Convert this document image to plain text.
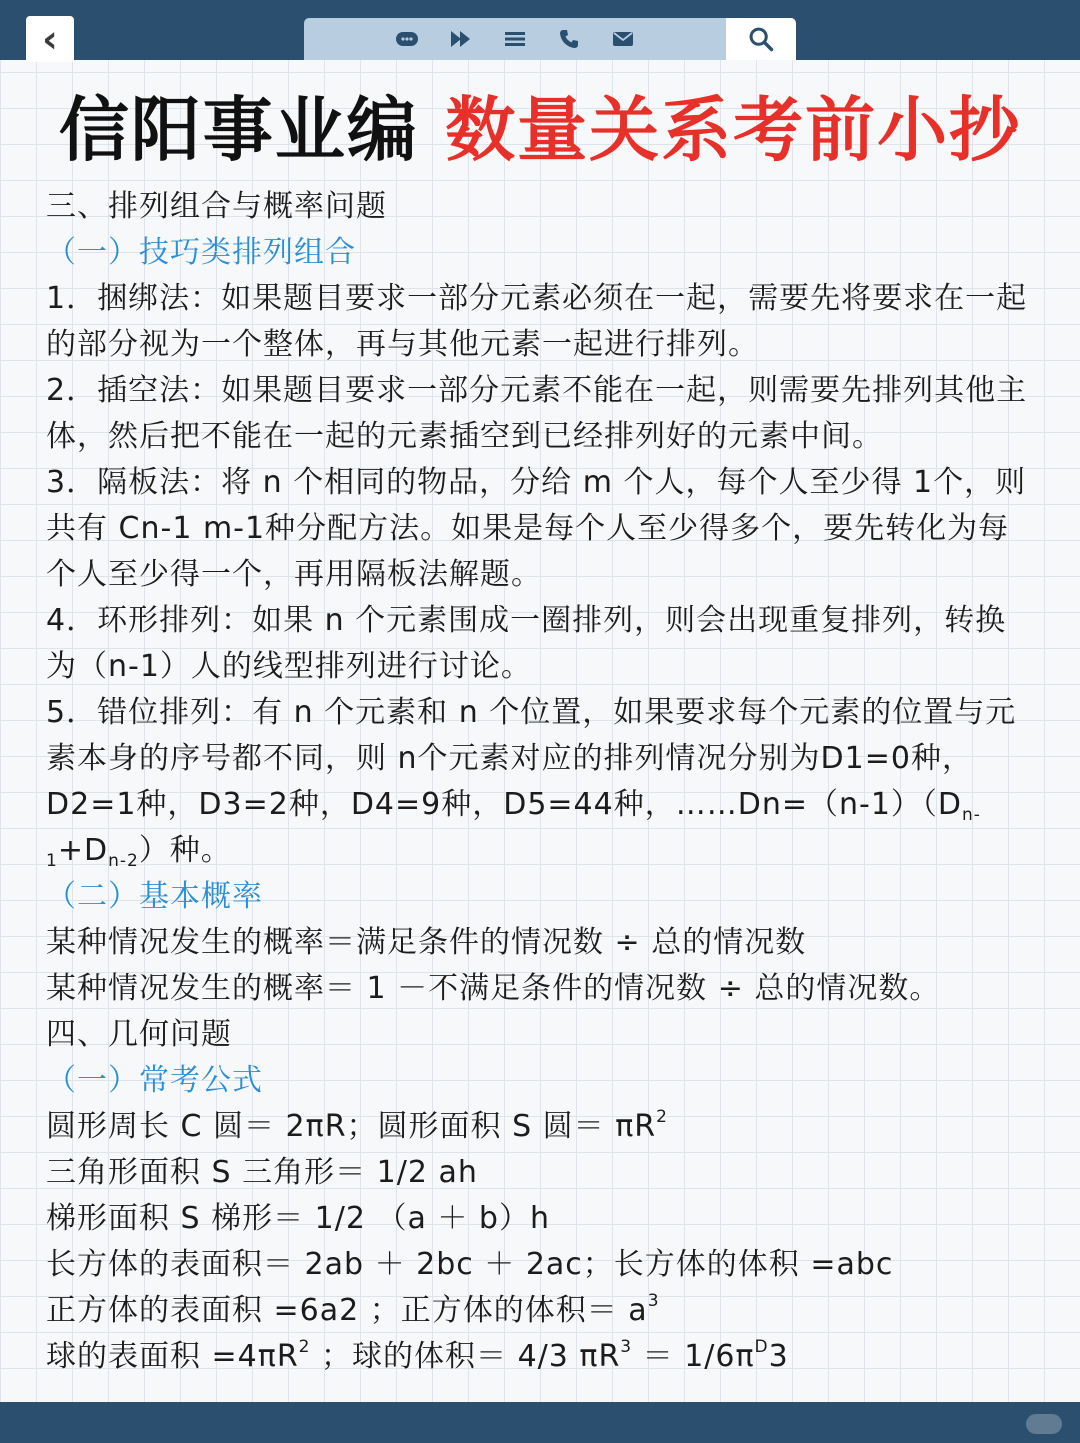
‹
信阳事业编 数量关系考前小抄

三、排列组合与概率问题

（一）技巧类排列组合

1．捆绑法：如果题目要求一部分元素必须在一起，需要先将要求在一起的部分视为一个整体，再与其他元素一起进行排列。

2．插空法：如果题目要求一部分元素不能在一起，则需要先排列其他主体，然后把不能在一起的元素插空到已经排列好的元素中间。

3．隔板法：将 n 个相同的物品，分给 m 个人，每个人至少得 1个，则共有 Cn-1 m-1种分配方法。如果是每个人至少得多个，要先转化为每个人至少得一个，再用隔板法解题。

4．环形排列：如果 n 个元素围成一圈排列，则会出现重复排列，转换为（n-1）人的线型排列进行讨论。

5．错位排列：有 n 个元素和 n 个位置，如果要求每个元素的位置与元素本身的序号都不同，则 n个元素对应的排列情况分别为D1=0种，D2=1种，D3=2种，D4=9种，D5=44种，$\dots\dots Dn=(n-1)(D_{n-1}+D_{n-2})$种。

（二）基本概率

某种情况发生的概率＝满足条件的情况数 ÷ 总的情况数

某种情况发生的概率＝ 1 －不满足条件的情况数 ÷ 总的情况数。

四、几何问题

（一）常考公式

圆形周长 C 圆＝ 2πR；圆形面积 S 圆＝ $\pi R^2$

三角形面积 S 三角形＝ 1/2 ah

梯形面积 S 梯形＝ 1/2 （a ＋ b）h

长方体的表面积＝ 2ab ＋ 2bc ＋ 2ac；长方体的体积 =abc

正方体的表面积 =6a2 ；正方体的体积＝ $a^3$

球的表面积 $=4\pi R^2$ ；球的体积＝ 4/3 $\pi R^3 = 1/6\pi^D3$
